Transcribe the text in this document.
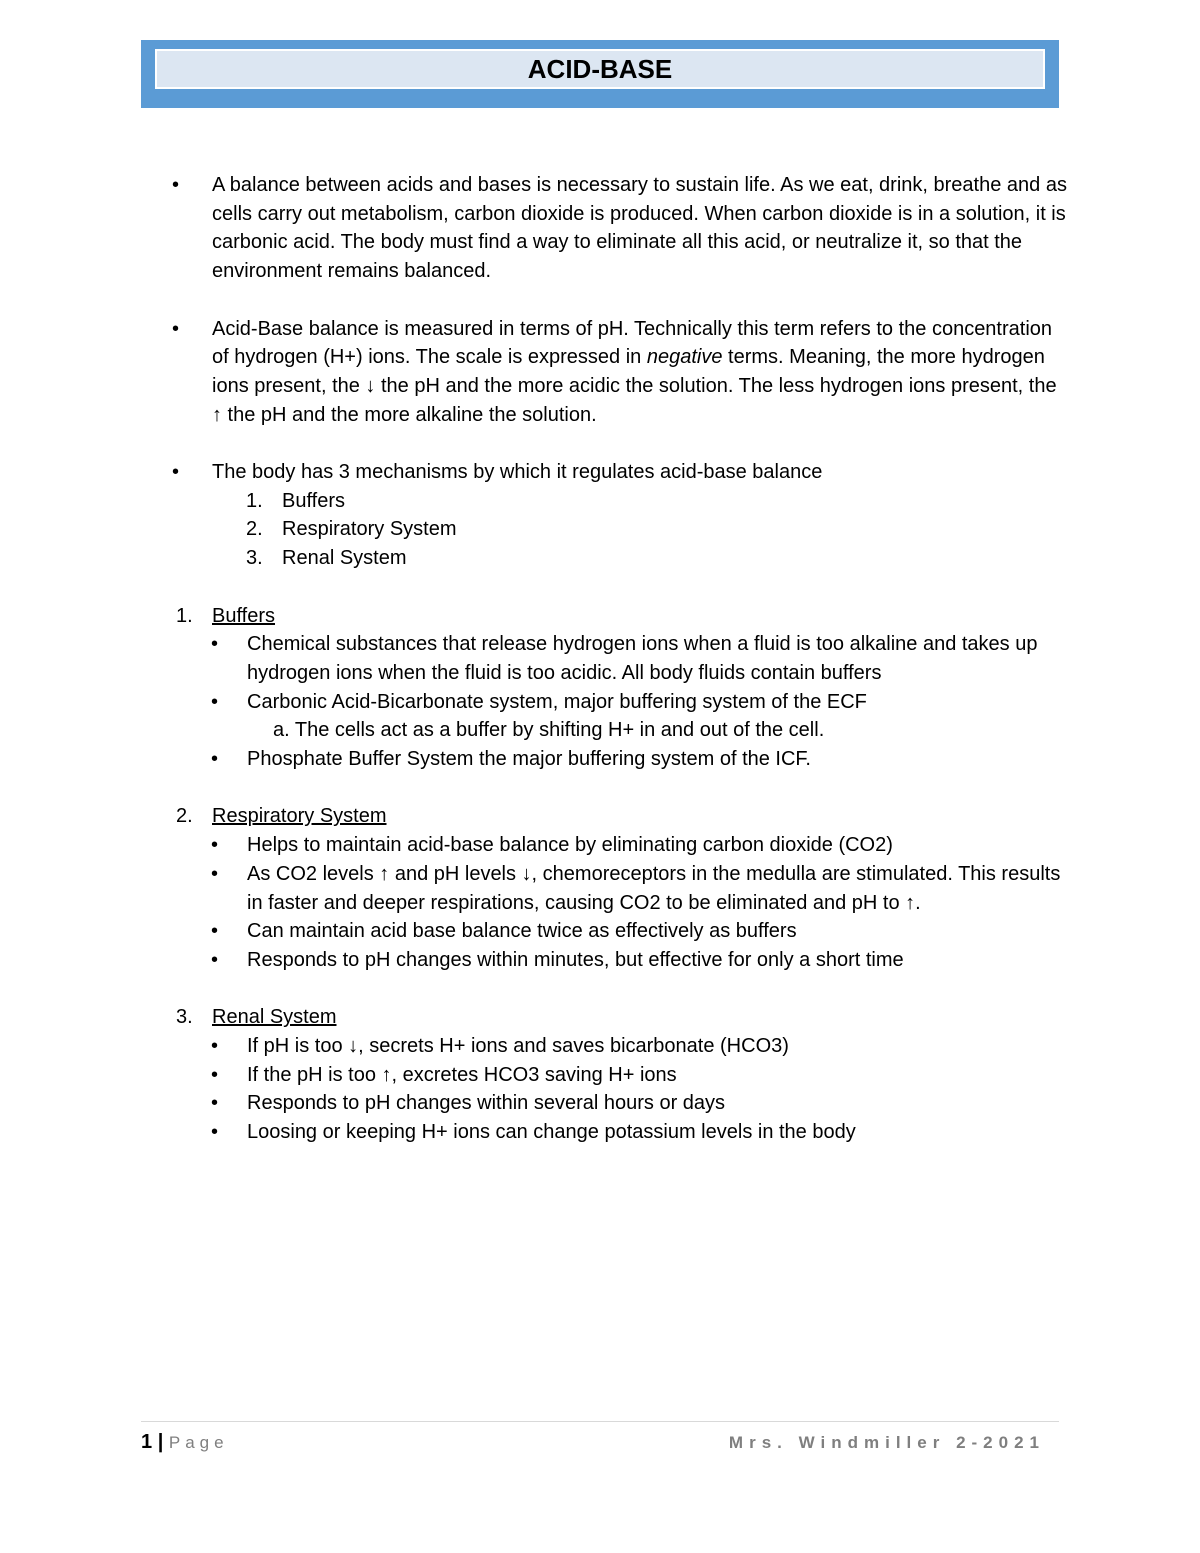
ACID-BASE
• A balance between acids and bases is necessary to sustain life. As we eat, drink, breathe and as cells carry out metabolism, carbon dioxide is produced. When carbon dioxide is in a solution, it is carbonic acid. The body must find a way to eliminate all this acid, or neutralize it, so that the environment remains balanced.
• Acid-Base balance is measured in terms of pH. Technically this term refers to the concentration of hydrogen (H+) ions. The scale is expressed in negative terms. Meaning, the more hydrogen ions present, the ↓ the pH and the more acidic the solution. The less hydrogen ions present, the ↑ the pH and the more alkaline the solution.
• The body has 3 mechanisms by which it regulates acid-base balance
1. Buffers
2. Respiratory System
3. Renal System
1. Buffers
• Chemical substances that release hydrogen ions when a fluid is too alkaline and takes up hydrogen ions when the fluid is too acidic. All body fluids contain buffers
• Carbonic Acid-Bicarbonate system, major buffering system of the ECF
a. The cells act as a buffer by shifting H+ in and out of the cell.
• Phosphate Buffer System the major buffering system of the ICF.
2. Respiratory System
• Helps to maintain acid-base balance by eliminating carbon dioxide (CO2)
• As CO2 levels ↑ and pH levels ↓, chemoreceptors in the medulla are stimulated. This results in faster and deeper respirations, causing CO2 to be eliminated and pH to ↑.
• Can maintain acid base balance twice as effectively as buffers
• Responds to pH changes within minutes, but effective for only a short time
3. Renal System
• If pH is too ↓, secrets H+ ions and saves bicarbonate (HCO3)
• If the pH is too ↑, excretes HCO3 saving H+ ions
• Responds to pH changes within several hours or days
• Loosing or keeping H+ ions can change potassium levels in the body
1 | Page	Mrs. Windmiller 2-2021
